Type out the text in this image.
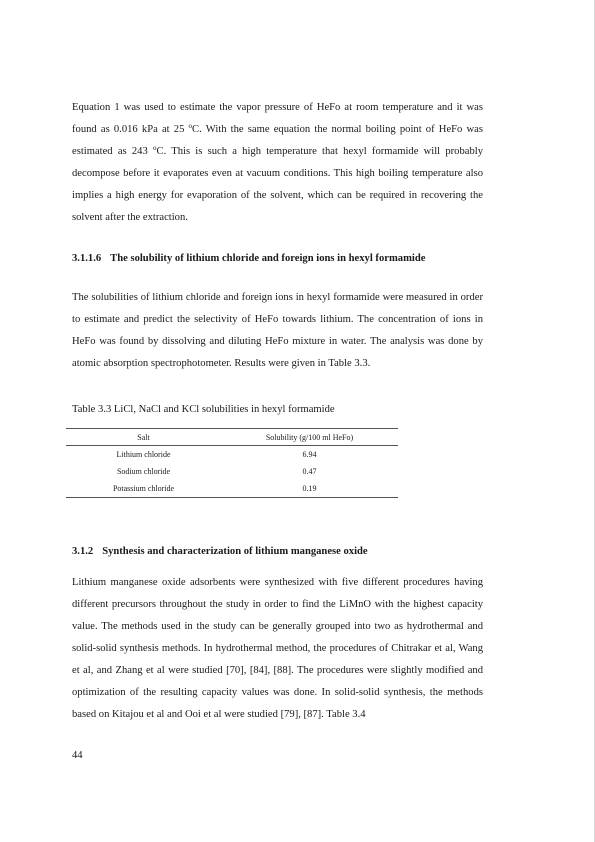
Equation 1 was used to estimate the vapor pressure of HeFo at room temperature and it was found as 0.016 kPa at 25 $^o$C. With the same equation the normal boiling point of HeFo was estimated as 243 $^o$C. This is such a high temperature that hexyl formamide will probably decompose before it evaporates even at vacuum conditions. This high boiling temperature also implies a high energy for evaporation of the solvent, which can be required in recovering the solvent after the extraction.

3.1.1.6 The solubility of lithium chloride and foreign ions in hexyl formamide

The solubilities of lithium chloride and foreign ions in hexyl formamide were measured in order to estimate and predict the selectivity of HeFo towards lithium. The concentration of ions in HeFo was found by dissolving and diluting HeFo mixture in water. The analysis was done by atomic absorption spectrophotometer. Results were given in Table 3.3.

Table 3.3 LiCl, NaCl and KCl solubilities in hexyl formamide

Salt	Solubility (g/100 ml HeFo)
Lithium chloride	6.94
Sodium chloride	0.47
Potassium chloride	0.19
3.1.2 Synthesis and characterization of lithium manganese oxide

Lithium manganese oxide adsorbents were synthesized with five different procedures having different precursors throughout the study in order to find the LiMnO with the highest capacity value. The methods used in the study can be generally grouped into two as hydrothermal and solid-solid synthesis methods. In hydrothermal method, the procedures of Chitrakar et al, Wang et al, and Zhang et al were studied [70], [84], [88]. The procedures were slightly modified and optimization of the resulting capacity values was done. In solid-solid synthesis, the methods based on Kitajou et al and Ooi et al were studied [79], [87]. Table 3.4

44
